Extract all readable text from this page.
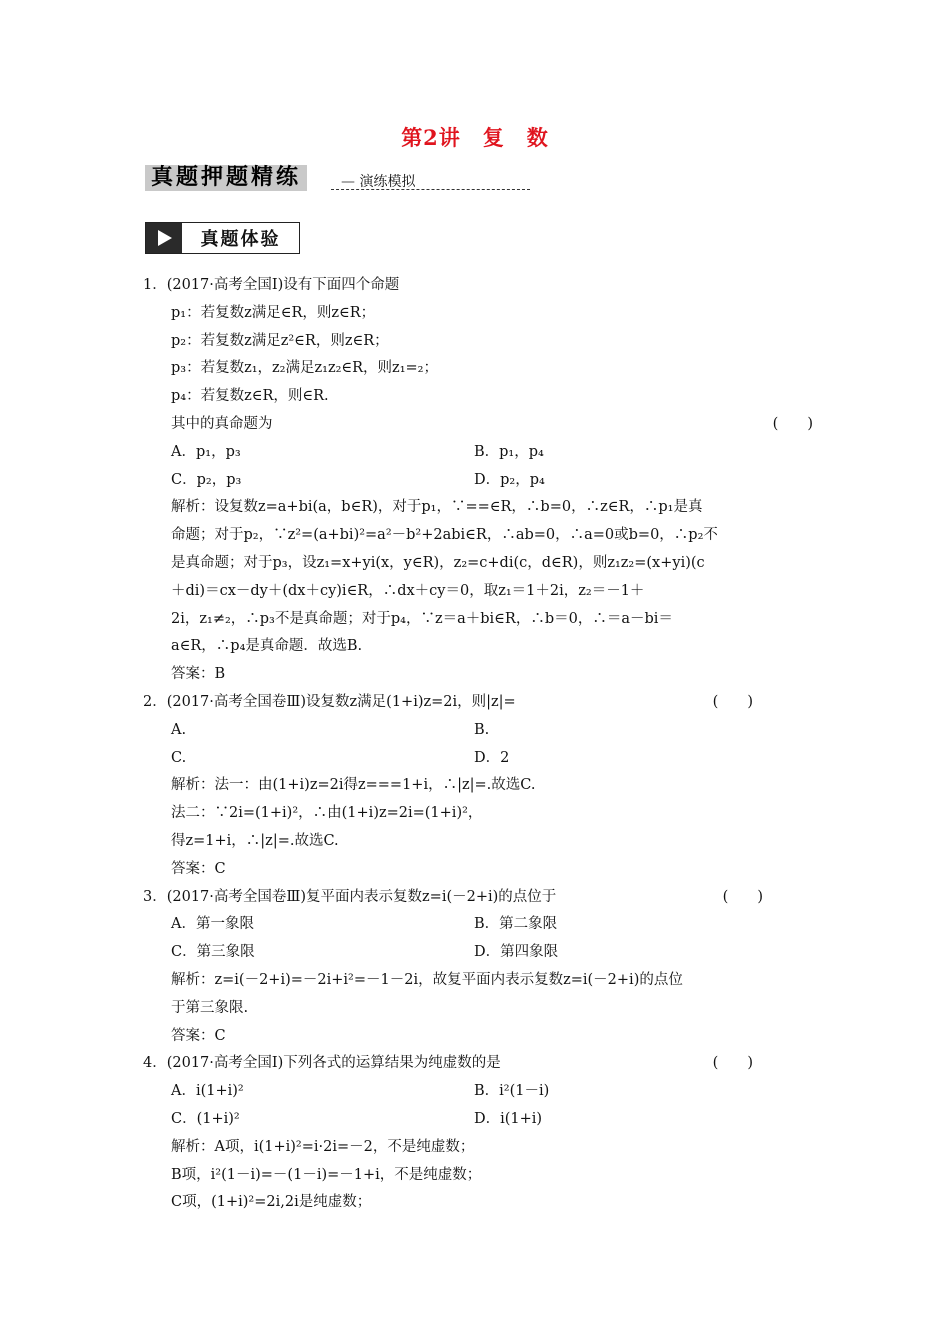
第2讲　复　数
真题押题精练
—	演练模拟
真题体验
1．(2017·高考全国Ⅰ)设有下面四个命题
p₁：若复数z满足∈R，则z∈R；
p₂：若复数z满足z²∈R，则z∈R；
p₃：若复数z₁，z₂满足z₁z₂∈R，则z₁=₂；
p₄：若复数z∈R，则∈R.
其中的真命题为	(　　)
A．p₁，p₃	B．p₁，p₄
C．p₂，p₃	D．p₂，p₄
解析：设复数z=a+bi(a，b∈R)，对于p₁，∵==∈R，∴b=0，∴z∈R，∴p₁是真
命题；对于p₂，∵z²=(a+bi)²=a²－b²+2abi∈R，∴ab=0，∴a=0或b=0，∴p₂不
是真命题；对于p₃，设z₁=x+yi(x，y∈R)，z₂=c+di(c，d∈R)，则z₁z₂=(x+yi)(c
＋di)＝cx－dy＋(dx＋cy)i∈R，∴dx＋cy＝0，取z₁＝1＋2i，z₂＝－1＋
2i，z₁≠₂，∴p₃不是真命题；对于p₄，∵z＝a＋bi∈R，∴b＝0，∴＝a－bi＝
a∈R，∴p₄是真命题．故选B.
答案：B
2．(2017·高考全国卷Ⅲ)设复数z满足(1+i)z=2i，则|z|=	(　　)
A.	B.
C.	D．2
解析：法一：由(1+i)z=2i得z===1+i，∴|z|=.故选C.
法二：∵2i=(1+i)²，∴由(1+i)z=2i=(1+i)²，
得z=1+i，∴|z|=.故选C.
答案：C
3．(2017·高考全国卷Ⅲ)复平面内表示复数z=i(－2+i)的点位于	(　　)
A．第一象限	B．第二象限
C．第三象限	D．第四象限
解析：z=i(－2+i)=－2i+i²=－1－2i，故复平面内表示复数z=i(－2+i)的点位
于第三象限.
答案：C
4．(2017·高考全国Ⅰ)下列各式的运算结果为纯虚数的是	(　　)
A．i(1+i)²	B．i²(1－i)
C．(1+i)²	D．i(1+i)
解析：A项，i(1+i)²=i·2i=－2，不是纯虚数；
B项，i²(1－i)=－(1－i)=－1+i，不是纯虚数；
C项，(1+i)²=2i,2i是纯虚数；
